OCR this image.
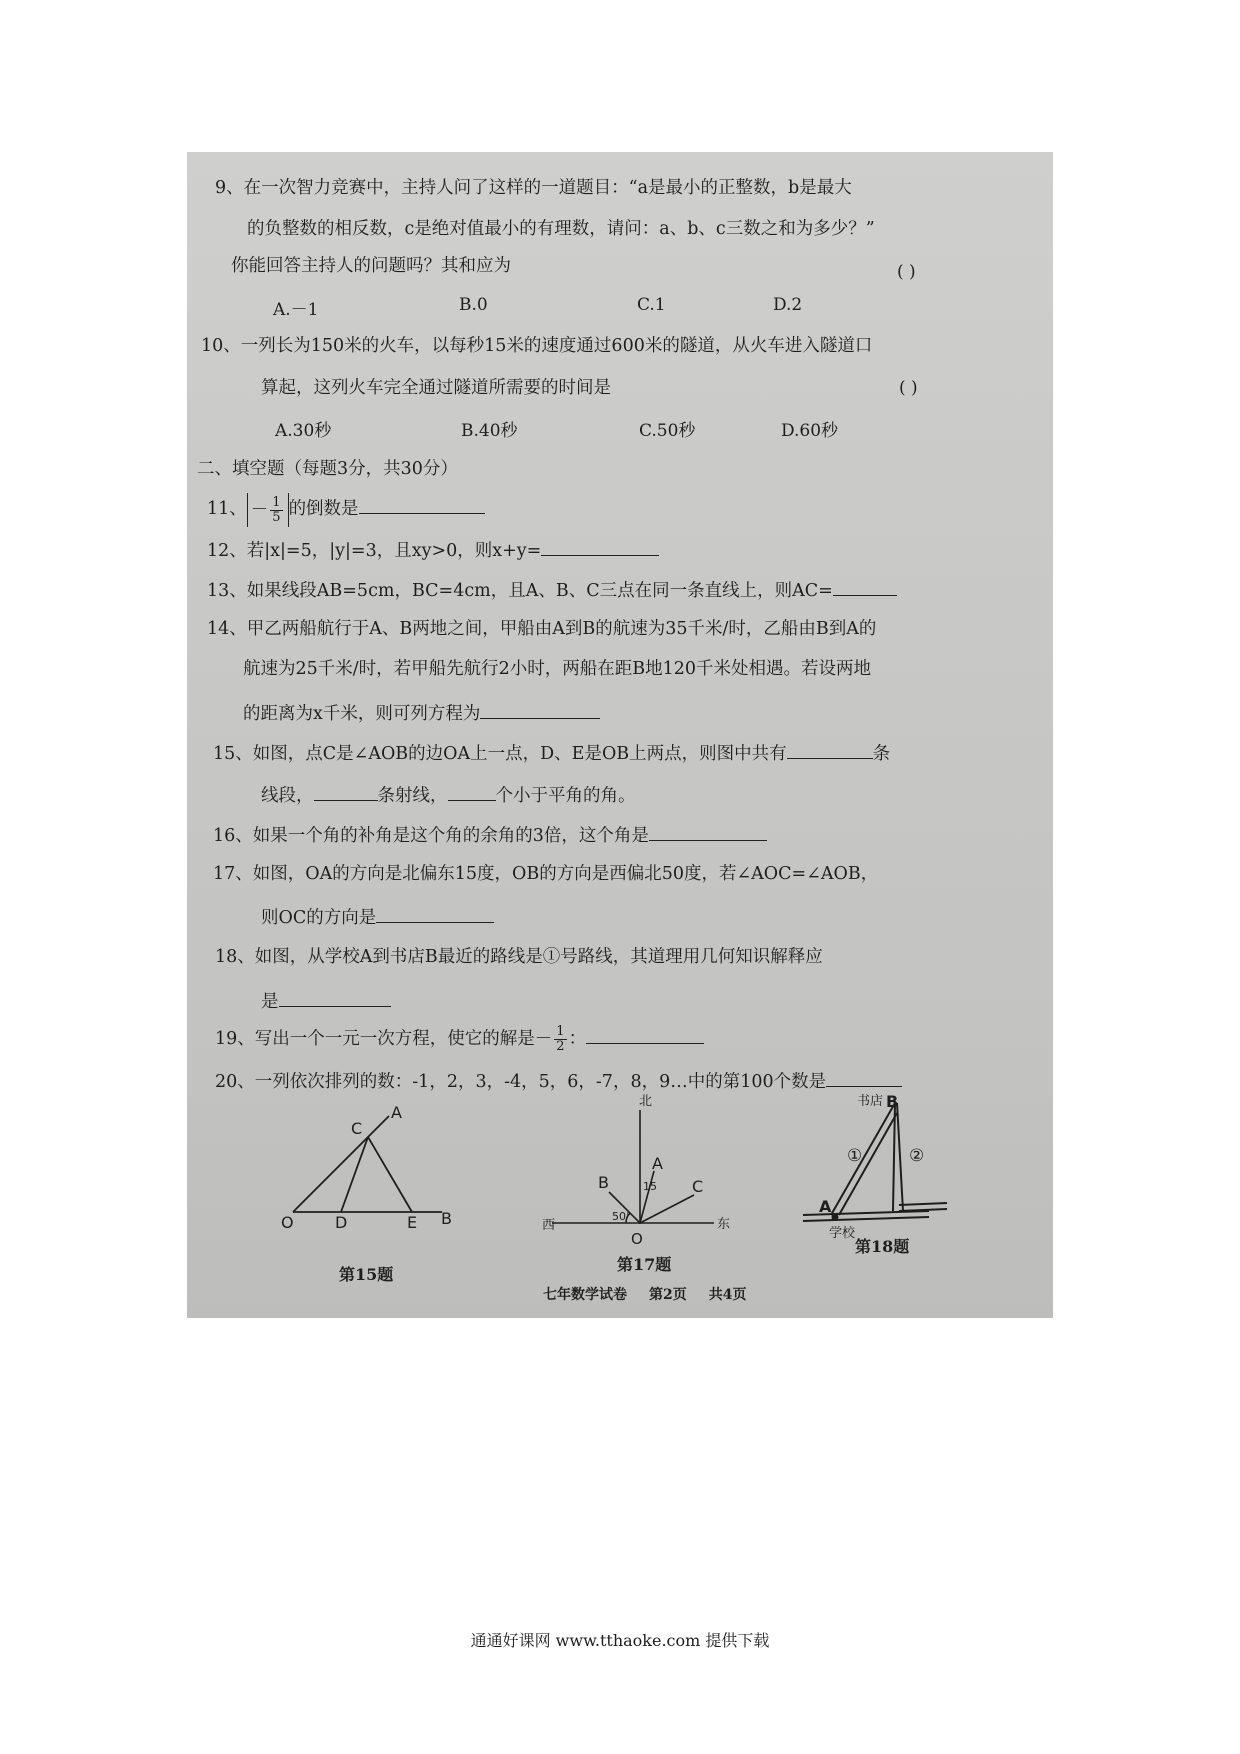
9、在一次智力竞赛中，主持人问了这样的一道题目：“a是最小的正整数，b是最大
的负整数的相反数，c是绝对值最小的有理数，请问：a、b、c三数之和为多少？”
你能回答主持人的问题吗？其和应为	( )
A.－1	B.0	C.1	D.2
10、一列长为150米的火车，以每秒15米的速度通过600米的隧道，从火车进入隧道口
算起，这列火车完全通过隧道所需要的时间是	( )
A.30秒	B.40秒	C.50秒	D.60秒
二、填空题（每题3分，共30分）
11、 － $\frac{1}{5}$ 的倒数是
12、若|x|=5，|y|=3，且xy>0，则x+y=
13、如果线段AB=5cm，BC=4cm，且A、B、C三点在同一条直线上，则AC=
14、甲乙两船航行于A、B两地之间，甲船由A到B的航速为35千米/时，乙船由B到A的
航速为25千米/时，若甲船先航行2小时，两船在距B地120千米处相遇。若设两地
的距离为x千米，则可列方程为
15、如图，点C是∠AOB的边OA上一点，D、E是OB上两点，则图中共有	条
线段，	条射线，	个小于平角的角。
16、如果一个角的补角是这个角的余角的3倍，这个角是
17、如图，OA的方向是北偏东15度，OB的方向是西偏北50度，若∠AOC=∠AOB，
则OC的方向是
18、如图，从学校A到书店B最近的路线是①号路线，其道理用几何知识解释应
是
19、写出一个一元一次方程，使它的解是－ $\frac{1}{2}$ ：
20、一列依次排列的数：-1，2，3，-4，5，6，-7，8，9…中的第100个数是
A
C
O	D	E B
第15题
北
西	东
A
B	C
O
15
50°
第17题
书店 B
A
学校
①	②
第18题
七年数学试卷 第2页 共4页
通通好课网 www.tthaoke.com 提供下载
